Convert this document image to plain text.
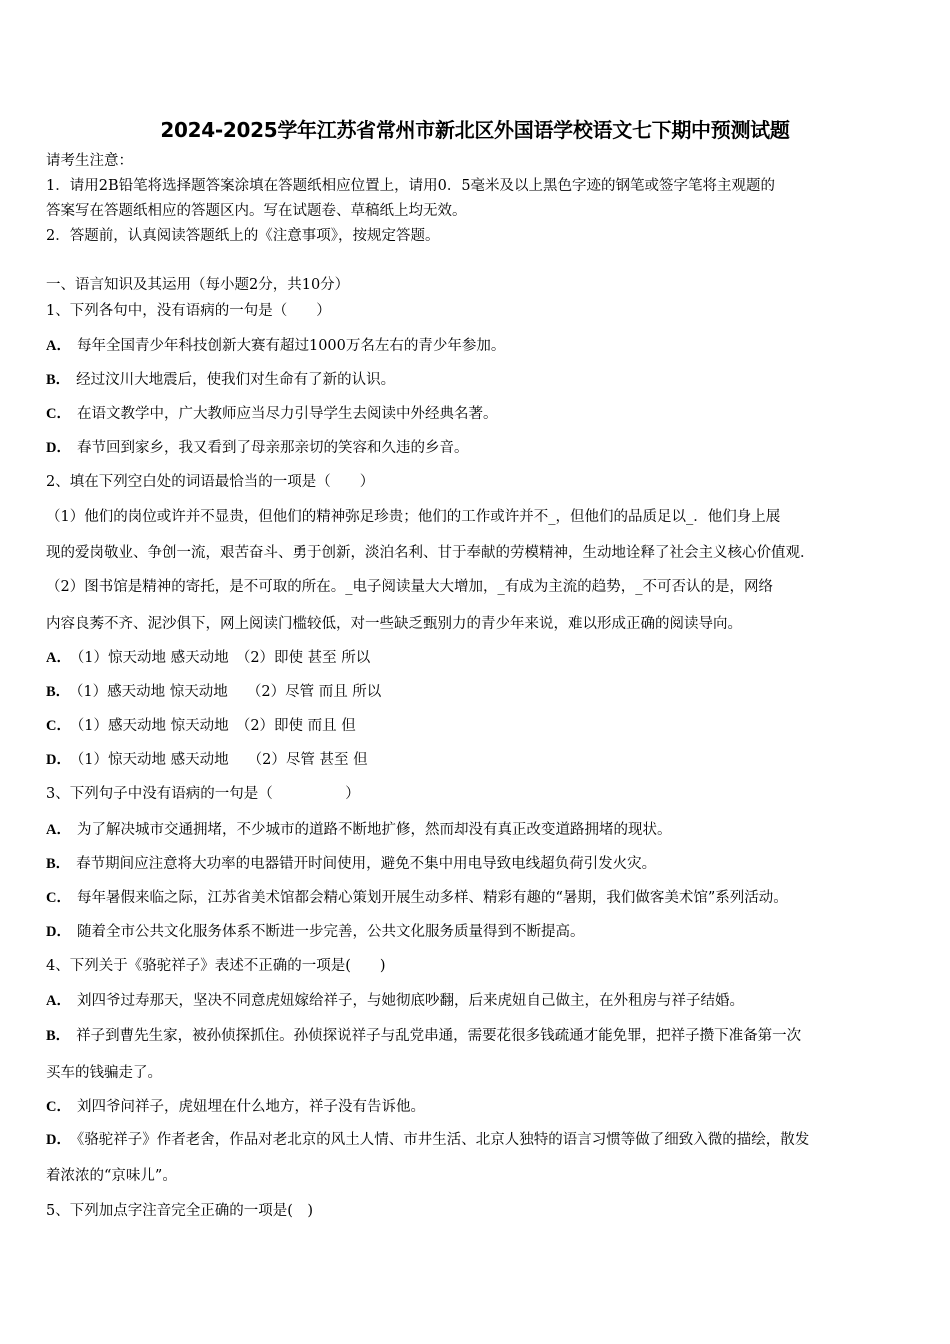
2024-2025学年江苏省常州市新北区外国语学校语文七下期中预测试题
请考生注意：
1．请用2B铅笔将选择题答案涂填在答题纸相应位置上，请用0．5毫米及以上黑色字迹的钢笔或签字笔将主观题的
答案写在答题纸相应的答题区内。写在试题卷、草稿纸上均无效。
2．答题前，认真阅读答题纸上的《注意事项》，按规定答题。
一、语言知识及其运用（每小题2分，共10分）
1、下列各句中，没有语病的一句是（　　）
A． 每年全国青少年科技创新大赛有超过1000万名左右的青少年参加。
B． 经过汶川大地震后，使我们对生命有了新的认识。
C． 在语文教学中，广大教师应当尽力引导学生去阅读中外经典名著。
D． 春节回到家乡，我又看到了母亲那亲切的笑容和久违的乡音。
2、填在下列空白处的词语最恰当的一项是（　　）
（1）他们的岗位或许并不显贵，但他们的精神弥足珍贵；他们的工作或许并不_，但他们的品质足以_．他们身上展
现的爱岗敬业、争创一流，艰苦奋斗、勇于创新，淡泊名利、甘于奉献的劳模精神，生动地诠释了社会主义核心价值观．
（2）图书馆是精神的寄托，是不可取的所在。_电子阅读量大大增加，_有成为主流的趋势，_不可否认的是，网络
内容良莠不齐、泥沙俱下，网上阅读门槛较低，对一些缺乏甄别力的青少年来说，难以形成正确的阅读导向。
A． （1）惊天动地 感天动地　（2）即使 甚至 所以
B． （1）感天动地 惊天动地　 （2）尽管 而且 所以
C． （1）感天动地 惊天动地　（2）即使 而且 但
D． （1）惊天动地 感天动地　 （2）尽管 甚至 但
3、下列句子中没有语病的一句是（　　　　　）
A． 为了解决城市交通拥堵，不少城市的道路不断地扩修，然而却没有真正改变道路拥堵的现状。
B． 春节期间应注意将大功率的电器错开时间使用，避免不集中用电导致电线超负荷引发火灾。
C． 每年暑假来临之际，江苏省美术馆都会精心策划开展生动多样、精彩有趣的“暑期，我们做客美术馆”系列活动。
D． 随着全市公共文化服务体系不断进一步完善，公共文化服务质量得到不断提高。
4、下列关于《骆驼祥子》表述不正确的一项是(　　)
A． 刘四爷过寿那天，坚决不同意虎妞嫁给祥子，与她彻底吵翻，后来虎妞自己做主，在外租房与祥子结婚。
B． 祥子到曹先生家，被孙侦探抓住。孙侦探说祥子与乱党串通，需要花很多钱疏通才能免罪，把祥子攒下准备第一次
买车的钱骗走了。
C． 刘四爷问祥子，虎妞埋在什么地方，祥子没有告诉他。
D． 《骆驼祥子》作者老舍，作品对老北京的风土人情、市井生活、北京人独特的语言习惯等做了细致入微的描绘，散发
着浓浓的“京味儿”。
5、下列加点字注音完全正确的一项是(　)
